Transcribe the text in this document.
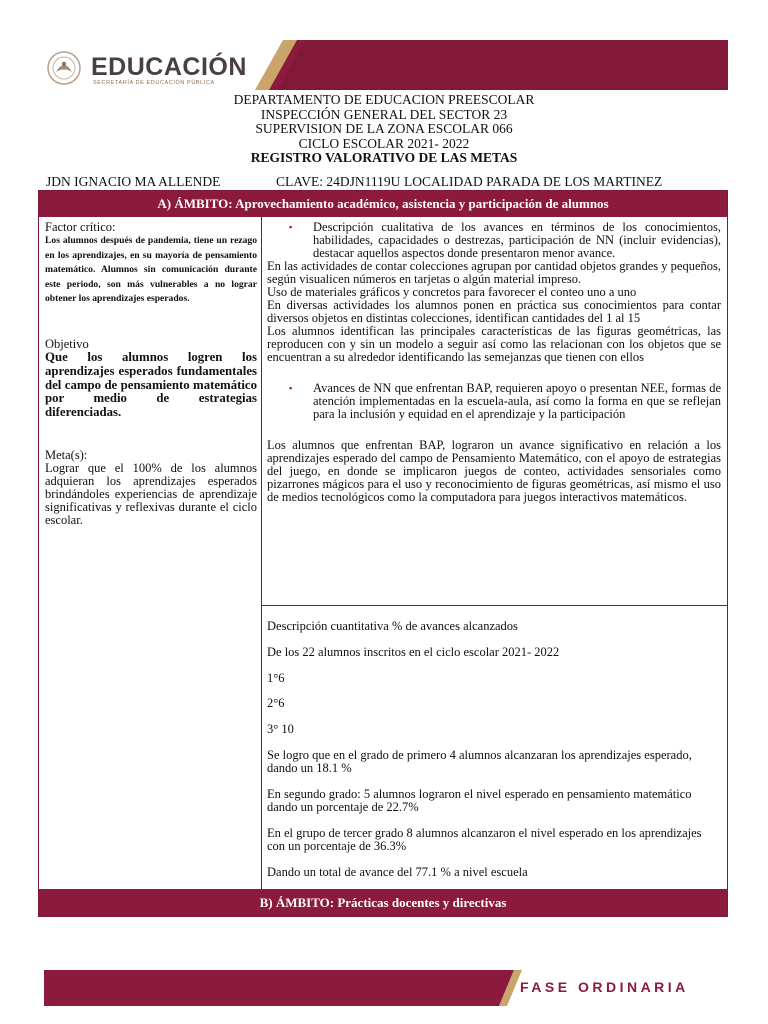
EDUCACIÓN
SECRETARÍA DE EDUCACIÓN PÚBLICA
DEPARTAMENTO DE EDUCACION PREESCOLAR
INSPECCIÓN GENERAL DEL SECTOR 23
SUPERVISION DE LA ZONA ESCOLAR 066
CICLO ESCOLAR 2021- 2022
REGISTRO VALORATIVO DE LAS METAS
JDN IGNACIO MA ALLENDE	CLAVE: 24DJN1119U LOCALIDAD PARADA DE LOS MARTINEZ
A) ÁMBITO: Aprovechamiento académico, asistencia y participación de alumnos

Factor crítico:

Los alumnos después de pandemia, tiene un rezago en los aprendizajes, en su mayoría de pensamiento matemático. Alumnos sin comunicación durante este periodo, son más vulnerables a no lograr obtener los aprendizajes esperados.

Objetivo

Que los alumnos logren los aprendizajes esperados fundamentales del campo de pensamiento matemático por medio de estrategias diferenciadas.

Meta(s):

Lograr que el 100% de los alumnos adquieran los aprendizajes esperados brindándoles experiencias de aprendizaje significativas y reflexivas durante el ciclo escolar.

▪ Descripción cualitativa de los avances en términos de los conocimientos, habilidades, capacidades o destrezas, participación de NN (incluir evidencias), destacar aquellos aspectos donde presentaron menor avance.

En las actividades de contar colecciones agrupan por cantidad objetos grandes y pequeños, según visualicen números en tarjetas o algún material impreso.

Uso de materiales gráficos y concretos para favorecer el conteo uno a uno

En diversas actividades los alumnos ponen en práctica sus conocimientos para contar diversos objetos en distintas colecciones, identifican cantidades del 1 al 15

Los alumnos identifican las principales características de las figuras geométricas, las reproducen con y sin un modelo a seguir así como las relacionan con los objetos que se encuentran a su alrededor identificando las semejanzas que tienen con ellos

▪ Avances de NN que enfrentan BAP, requieren apoyo o presentan NEE, formas de atención implementadas en la escuela-aula, así como la forma en que se reflejan para la inclusión y equidad en el aprendizaje y la participación

Los alumnos que enfrentan BAP, lograron un avance significativo en relación a los aprendizajes esperado del campo de Pensamiento Matemático, con el apoyo de estrategias del juego, en donde se implicaron juegos de conteo, actividades sensoriales como pizarrones mágicos para el uso y reconocimiento de figuras geométricas, así mismo el uso de medios tecnológicos como la computadora para juegos interactivos matemáticos.

Descripción cuantitativa % de avances alcanzados

De los 22 alumnos inscritos en el ciclo escolar 2021- 2022

1°6

2°6

3° 10

Se logro que en el grado de primero 4 alumnos alcanzaran los aprendizajes esperado, dando un 18.1 %

En segundo grado: 5 alumnos lograron el nivel esperado en pensamiento matemático dando un porcentaje de 22.7%

En el grupo de tercer grado 8 alumnos alcanzaron el nivel esperado en los aprendizajes con un porcentaje de 36.3%

Dando un total de avance del 77.1 % a nivel escuela

B) ÁMBITO: Prácticas docentes y directivas
FASE ORDINARIA
